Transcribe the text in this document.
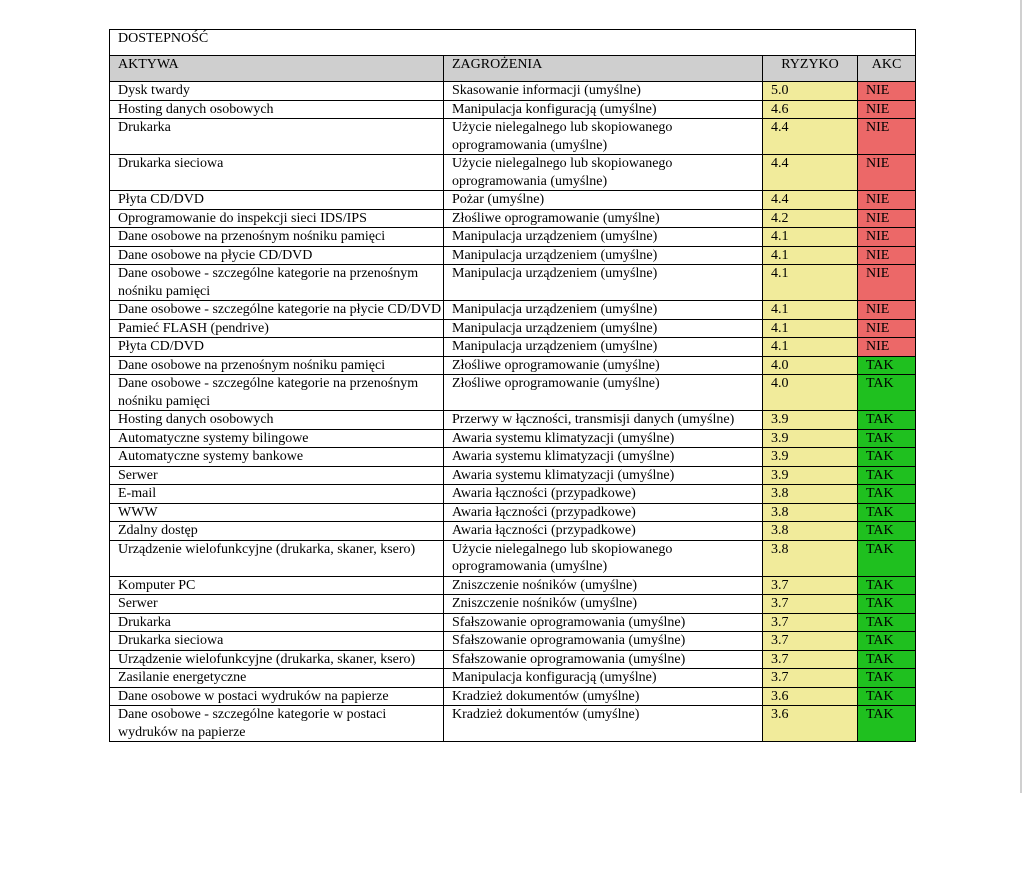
DOSTEPNOŚĆ			
AKTYWA	ZAGROŻENIA	RYZYKO	AKC
Dysk twardy	Skasowanie informacji (umyślne)	5.0	NIE
Hosting danych osobowych	Manipulacja konfiguracją (umyślne)	4.6	NIE
Drukarka	Użycie nielegalnego lub skopiowanego oprogramowania (umyślne)	4.4	NIE
Drukarka sieciowa	Użycie nielegalnego lub skopiowanego oprogramowania (umyślne)	4.4	NIE
Płyta CD/DVD	Pożar (umyślne)	4.4	NIE
Oprogramowanie do inspekcji sieci IDS/IPS	Złośliwe oprogramowanie (umyślne)	4.2	NIE
Dane osobowe na przenośnym nośniku pamięci	Manipulacja urządzeniem (umyślne)	4.1	NIE
Dane osobowe na płycie CD/DVD	Manipulacja urządzeniem (umyślne)	4.1	NIE
Dane osobowe - szczególne kategorie na przenośnym nośniku pamięci	Manipulacja urządzeniem (umyślne)	4.1	NIE
Dane osobowe - szczególne kategorie na płycie CD/DVD	Manipulacja urządzeniem (umyślne)	4.1	NIE
Pamieć FLASH (pendrive)	Manipulacja urządzeniem (umyślne)	4.1	NIE
Płyta CD/DVD	Manipulacja urządzeniem (umyślne)	4.1	NIE
Dane osobowe na przenośnym nośniku pamięci	Złośliwe oprogramowanie (umyślne)	4.0	TAK
Dane osobowe - szczególne kategorie na przenośnym nośniku pamięci	Złośliwe oprogramowanie (umyślne)	4.0	TAK
Hosting danych osobowych	Przerwy w łączności, transmisji danych (umyślne)	3.9	TAK
Automatyczne systemy bilingowe	Awaria systemu klimatyzacji (umyślne)	3.9	TAK
Automatyczne systemy bankowe	Awaria systemu klimatyzacji (umyślne)	3.9	TAK
Serwer	Awaria systemu klimatyzacji (umyślne)	3.9	TAK
E-mail	Awaria łączności (przypadkowe)	3.8	TAK
WWW	Awaria łączności (przypadkowe)	3.8	TAK
Zdalny dostęp	Awaria łączności (przypadkowe)	3.8	TAK
Urządzenie wielofunkcyjne (drukarka, skaner, ksero)	Użycie nielegalnego lub skopiowanego oprogramowania (umyślne)	3.8	TAK
Komputer PC	Zniszczenie nośników (umyślne)	3.7	TAK
Serwer	Zniszczenie nośników (umyślne)	3.7	TAK
Drukarka	Sfałszowanie oprogramowania (umyślne)	3.7	TAK
Drukarka sieciowa	Sfałszowanie oprogramowania (umyślne)	3.7	TAK
Urządzenie wielofunkcyjne (drukarka, skaner, ksero)	Sfałszowanie oprogramowania (umyślne)	3.7	TAK
Zasilanie energetyczne	Manipulacja konfiguracją (umyślne)	3.7	TAK
Dane osobowe w postaci wydruków na papierze	Kradzież dokumentów (umyślne)	3.6	TAK
Dane osobowe - szczególne kategorie w postaci wydruków na papierze	Kradzież dokumentów (umyślne)	3.6	TAK
